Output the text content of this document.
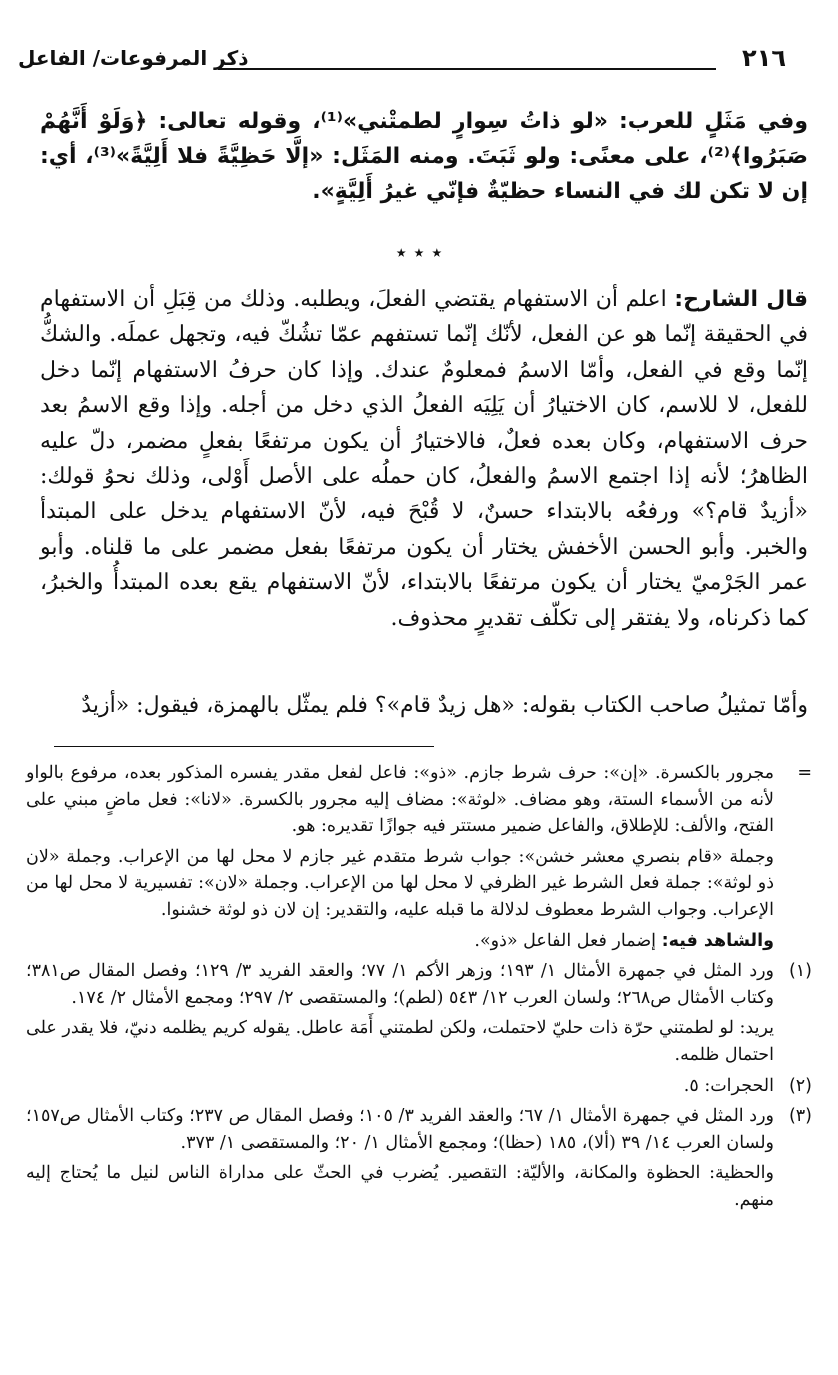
٢١٦
ذكر المرفوعات/ الفاعل
وفي مَثَلٍ للعرب: «لو ذاتُ سِوارٍ لطمتْني»⁽¹⁾، وقوله تعالى: ﴿وَلَوْ أَنَّهُمْ صَبَرُوا﴾⁽²⁾، على معنًى: ولو ثَبَتَ. ومنه المَثَل: «إلَّا حَظِيَّةً فلا أَلِيَّةً»⁽³⁾، أي: إن لا تكن لك في النساء حظيّةٌ فإنّي غيرُ أَلِيَّةٍ».
٭ ٭ ٭
قال الشارح: اعلم أن الاستفهام يقتضي الفعلَ، ويطلبه. وذلك من قِبَلِ أن الاستفهام في الحقيقة إنّما هو عن الفعل، لأنّك إنّما تستفهم عمّا تشُكّ فيه، وتجهل عملَه. والشكُّ إنّما وقع في الفعل، وأمّا الاسمُ فمعلومٌ عندك. وإذا كان حرفُ الاستفهام إنّما دخل للفعل، لا للاسم، كان الاختيارُ أن يَلِيَه الفعلُ الذي دخل من أجله. وإذا وقع الاسمُ بعد حرف الاستفهام، وكان بعده فعلٌ، فالاختيارُ أن يكون مرتفعًا بفعلٍ مضمر، دلّ عليه الظاهرُ؛ لأنه إذا اجتمع الاسمُ والفعلُ، كان حملُه على الأصل أَوْلى، وذلك نحوُ قولك: «أزيدٌ قام؟» ورفعُه بالابتداء حسنٌ، لا قُبْحَ فيه، لأنّ الاستفهام يدخل على المبتدأ والخبر. وأبو الحسن الأخفش يختار أن يكون مرتفعًا بفعل مضمر على ما قلناه. وأبو عمر الجَرْميّ يختار أن يكون مرتفعًا بالابتداء، لأنّ الاستفهام يقع بعده المبتدأُ والخبرُ، كما ذكرناه، ولا يفتقر إلى تكلّف تقديرٍ محذوف.
وأمّا تمثيلُ صاحب الكتاب بقوله: «هل زيدٌ قام»؟ فلم يمثّل بالهمزة، فيقول: «أزيدٌ
=
مجرور بالكسرة. «إن»: حرف شرط جازم. «ذو»: فاعل لفعل مقدر يفسره المذكور بعده، مرفوع بالواو لأنه من الأسماء الستة، وهو مضاف. «لوثة»: مضاف إليه مجرور بالكسرة. «لانا»: فعل ماضٍ مبني على الفتح، والألف: للإطلاق، والفاعل ضمير مستتر فيه جوازًا تقديره: هو.
وجملة «قام بنصري معشر خشن»: جواب شرط متقدم غير جازم لا محل لها من الإعراب. وجملة «لان ذو لوثة»: جملة فعل الشرط غير الظرفي لا محل لها من الإعراب. وجملة «لان»: تفسيرية لا محل لها من الإعراب. وجواب الشرط معطوف لدلالة ما قبله عليه، والتقدير: إن لان ذو لوثة خشنوا.
والشاهد فيه: إضمار فعل الفاعل «ذو».
(١)
ورد المثل في جمهرة الأمثال ١/ ١٩٣؛ وزهر الأكم ١/ ٧٧؛ والعقد الفريد ٣/ ١٢٩؛ وفصل المقال ص٣٨١؛ وكتاب الأمثال ص٢٦٨؛ ولسان العرب ١٢/ ٥٤٣ (لطم)؛ والمستقصى ٢/ ٢٩٧؛ ومجمع الأمثال ٢/ ١٧٤.
يريد: لو لطمتني حرّة ذات حليّ لاحتملت، ولكن لطمتني أَمَة عاطل. يقوله كريم يظلمه دنيّ، فلا يقدر على احتمال ظلمه.
(٢)
الحجرات: ٥.
(٣)
ورد المثل في جمهرة الأمثال ١/ ٦٧؛ والعقد الفريد ٣/ ١٠٥؛ وفصل المقال ص ٢٣٧؛ وكتاب الأمثال ص١٥٧؛ ولسان العرب ١٤/ ٣٩ (ألا)، ١٨٥ (حظا)؛ ومجمع الأمثال ١/ ٢٠؛ والمستقصى ١/ ٣٧٣.
والحظية: الحظوة والمكانة، والأليّة: التقصير. يُضرب في الحثّ على مداراة الناس لنيل ما يُحتاج إليه منهم.
